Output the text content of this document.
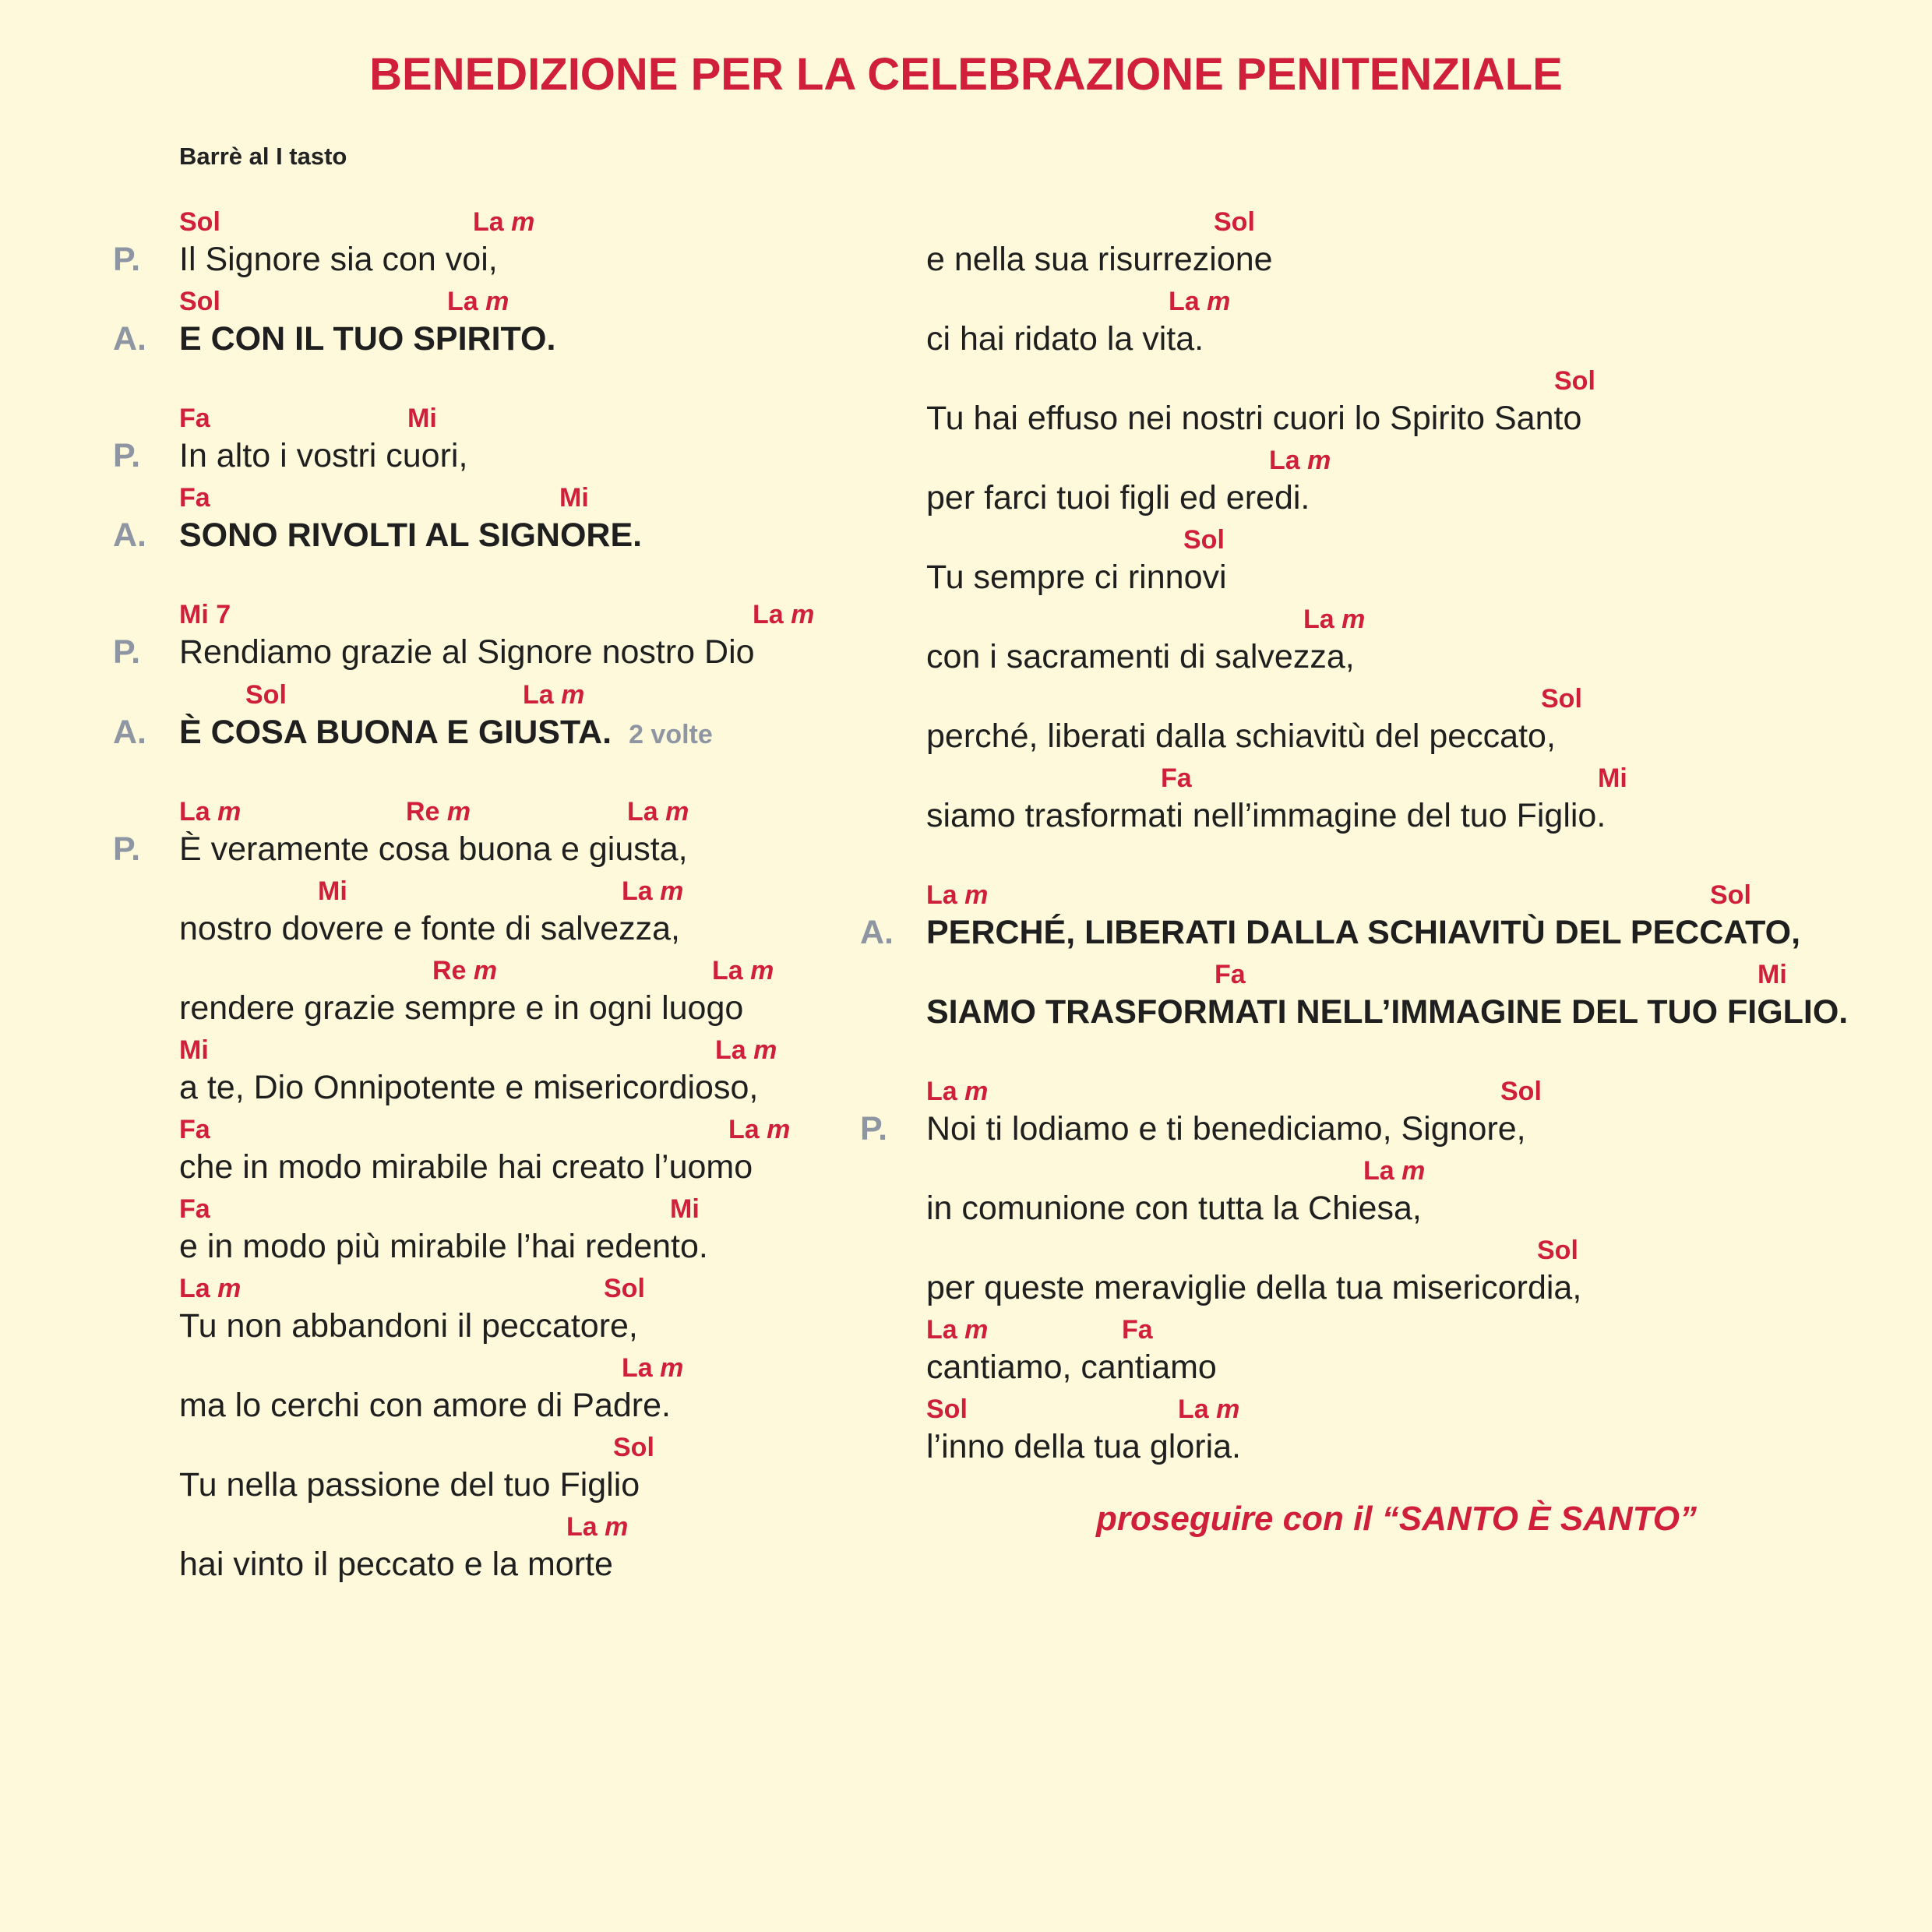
BENEDIZIONE PER LA CELEBRAZIONE PENITENZIALE
Barrè al I tasto
Sol	La m
P. Il Signore sia con voi,
Sol	La m
A. E CON IL TUO SPIRITO.
Fa	Mi
P. In alto i vostri cuori,
Fa	Mi
A. SONO RIVOLTI AL SIGNORE.
Mi 7	La m
P. Rendiamo grazie al Signore nostro Dio
Sol	La m
A. È COSA BUONA E GIUSTA. 2 volte
La m	Re m	La m
P. È veramente cosa buona e giusta,
Mi	La m
nostro dovere e fonte di salvezza,
Re m	La m
rendere grazie sempre e in ogni luogo
Mi	La m
a te, Dio Onnipotente e misericordioso,
Fa	La m
che in modo mirabile hai creato l’uomo
Fa	Mi
e in modo più mirabile l’hai redento.
La m	Sol
Tu non abbandoni il peccatore,
La m
ma lo cerchi con amore di Padre.
Sol
Tu nella passione del tuo Figlio
La m
hai vinto il peccato e la morte
Sol
e nella sua risurrezione
La m
ci hai ridato la vita.
Sol
Tu hai effuso nei nostri cuori lo Spirito Santo
La m
per farci tuoi figli ed eredi.
Sol
Tu sempre ci rinnovi
La m
con i sacramenti di salvezza,
Sol
perché, liberati dalla schiavitù del peccato,
Fa	Mi
siamo trasformati nell’immagine del tuo Figlio.
La m	Sol
A. PERCHÉ, LIBERATI DALLA SCHIAVITÙ DEL PECCATO,
Fa	Mi
SIAMO TRASFORMATI NELL’IMMAGINE DEL TUO FIGLIO.
La m	Sol
P. Noi ti lodiamo e ti benediciamo, Signore,
La m
in comunione con tutta la Chiesa,
Sol
per queste meraviglie della tua misericordia,
La m	Fa
cantiamo, cantiamo
Sol	La m
l’inno della tua gloria.
proseguire con il “SANTO È SANTO”
